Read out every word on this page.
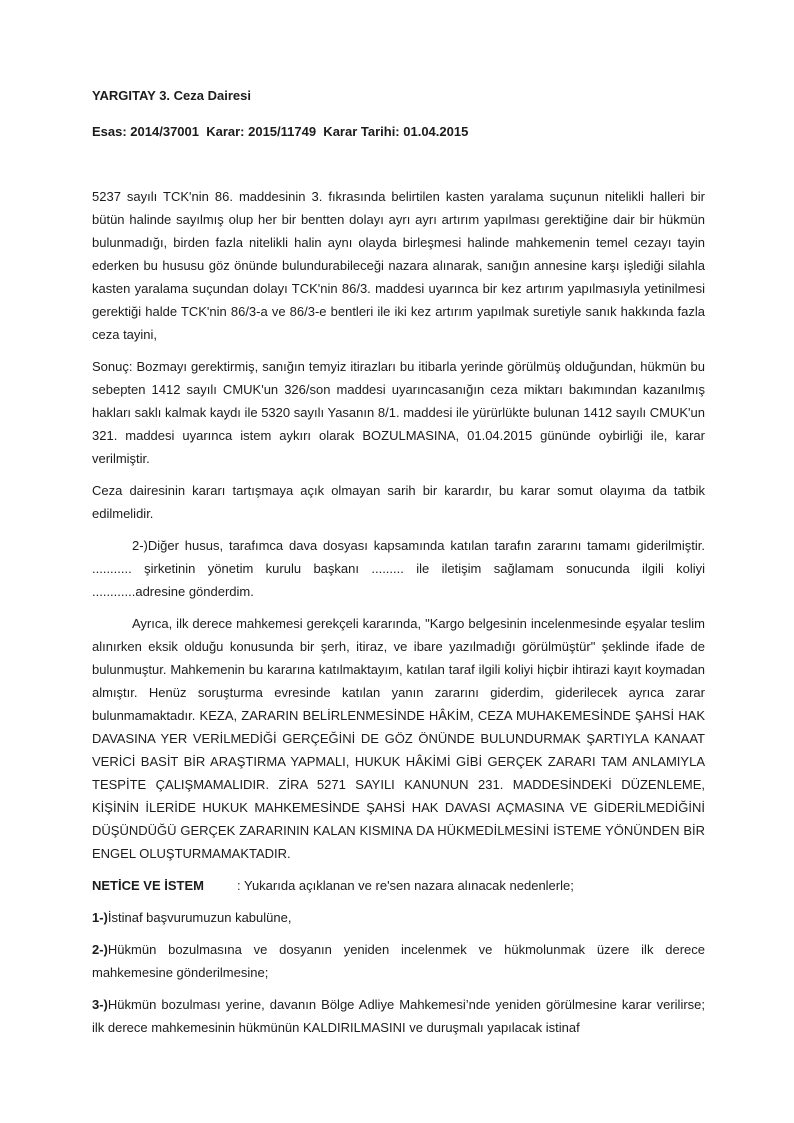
YARGITAY 3. Ceza Dairesi

Esas: 2014/37001  Karar: 2015/11749  Karar Tarihi: 01.04.2015

5237 sayılı TCK'nin 86. maddesinin 3. fıkrasında belirtilen kasten yaralama suçunun nitelikli halleri bir bütün halinde sayılmış olup her bir bentten dolayı ayrı ayrı artırım yapılması gerektiğine dair bir hükmün bulunmadığı, birden fazla nitelikli halin aynı olayda birleşmesi halinde mahkemenin temel cezayı tayin ederken bu hususu göz önünde bulundurabileceği nazara alınarak, sanığın annesine karşı işlediği silahla kasten yaralama suçundan dolayı TCK'nin 86/3. maddesi uyarınca bir kez artırım yapılmasıyla yetinilmesi gerektiği halde TCK'nin 86/3-a ve 86/3-e bentleri ile iki kez artırım yapılmak suretiyle sanık hakkında fazla ceza tayini,

Sonuç: Bozmayı gerektirmiş, sanığın temyiz itirazları bu itibarla yerinde görülmüş olduğundan, hükmün bu sebepten 1412 sayılı CMUK'un 326/son maddesi uyarıncasanığın ceza miktarı bakımından kazanılmış hakları saklı kalmak kaydı ile 5320 sayılı Yasanın 8/1. maddesi ile yürürlükte bulunan 1412 sayılı CMUK'un 321. maddesi uyarınca istem aykırı olarak BOZULMASINA, 01.04.2015 gününde oybirliği ile, karar verilmiştir.

Ceza dairesinin kararı tartışmaya açık olmayan sarih bir karardır, bu karar somut olayıma da tatbik edilmelidir.

2-)Diğer husus, tarafımca dava dosyası kapsamında katılan tarafın zararını tamamı giderilmiştir. ........... şirketinin yönetim kurulu başkanı ......... ile iletişim sağlamam sonucunda ilgili koliyi ............adresine gönderdim.

Ayrıca, ilk derece mahkemesi gerekçeli kararında, "Kargo belgesinin incelenmesinde eşyalar teslim alınırken eksik olduğu konusunda bir şerh, itiraz, ve ibare yazılmadığı görülmüştür" şeklinde ifade de bulunmuştur. Mahkemenin bu kararına katılmaktayım, katılan taraf ilgili koliyi hiçbir ihtirazi kayıt koymadan almıştır. Henüz soruşturma evresinde katılan yanın zararını giderdim, giderilecek ayrıca zarar bulunmamaktadır. KEZA, ZARARIN BELİRLENMESİNDE HÂKİM, CEZA MUHAKEMESİNDE ŞAHSİ HAK DAVASINA YER VERİLMEDİĞİ GERÇEĞİNİ DE GÖZ ÖNÜNDE BULUNDURMAK ŞARTIYLA KANAAT VERİCİ BASİT BİR ARAŞTIRMA YAPMALI, HUKUK HÂKİMİ GİBİ GERÇEK ZARARI TAM ANLAMIYLA TESPİTE ÇALIŞMAMALIDIR. ZİRA 5271 SAYILI KANUNUN 231. MADDESİNDEKİ DÜZENLEME, KİŞİNİN İLERİDE HUKUK MAHKEMESİNDE ŞAHSİ HAK DAVASI AÇMASINA VE GİDERİLMEDİĞİNİ DÜŞÜNDÜĞÜ GERÇEK ZARARININ KALAN KISMINA DA HÜKMEDİLMESİNİ İSTEME YÖNÜNDEN BİR ENGEL OLUŞTURMAMAKTADIR.

NETİCE VE İSTEM	: Yukarıda açıklanan ve re'sen nazara alınacak nedenlerle;

1-)İstinaf başvurumuzun kabulüne,

2-)Hükmün bozulmasına ve dosyanın yeniden incelenmek ve hükmolunmak üzere ilk derece mahkemesine gönderilmesine;

3-)Hükmün bozulması yerine, davanın Bölge Adliye Mahkemesi’nde yeniden görülmesine karar verilirse; ilk derece mahkemesinin hükmünün KALDIRILMASINI ve duruşmalı yapılacak istinaf
